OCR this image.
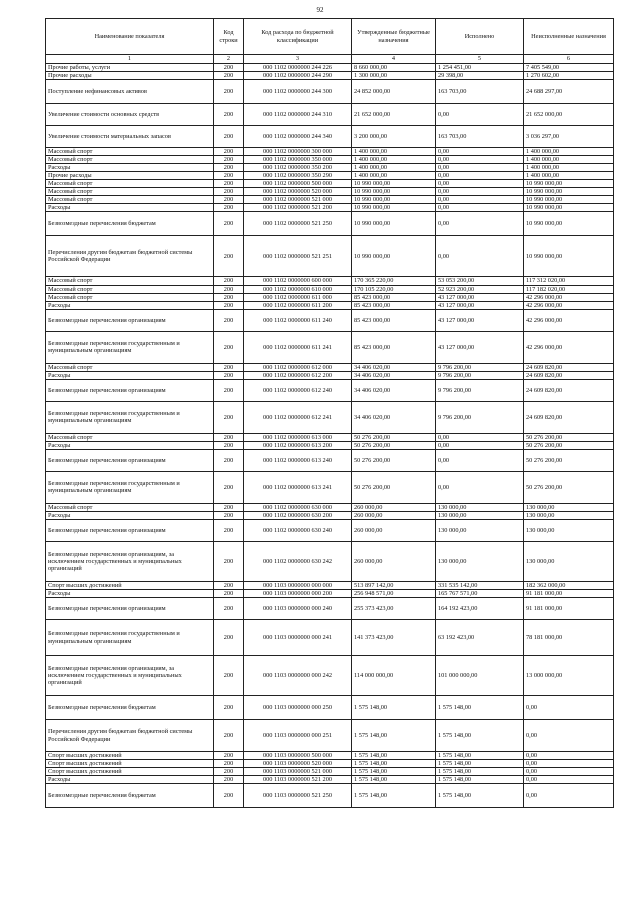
92
Наименование показателя	Код строки	Код расхода по бюджетной классификации	Утвержденные бюджетные назначения	Исполнено	Неисполненные назначения
1	2	3	4	5	6
Прочие работы, услуги	200	000 1102 0000000 244 226	8 660 000,00	1 254 451,00	7 405 549,00
Прочие расходы	200	000 1102 0000000 244 290	1 300 000,00	29 398,00	1 270 602,00
Поступление нефинансовых активов	200	000 1102 0000000 244 300	24 852 000,00	163 703,00	24 688 297,00
Увеличение стоимости основных средств	200	000 1102 0000000 244 310	21 652 000,00	0,00	21 652 000,00
Увеличение стоимости материальных запасов	200	000 1102 0000000 244 340	3 200 000,00	163 703,00	3 036 297,00
Массовый спорт	200	000 1102 0000000 300 000	1 400 000,00	0,00	1 400 000,00
Массовый спорт	200	000 1102 0000000 350 000	1 400 000,00	0,00	1 400 000,00
Расходы	200	000 1102 0000000 350 200	1 400 000,00	0,00	1 400 000,00
Прочие расходы	200	000 1102 0000000 350 290	1 400 000,00	0,00	1 400 000,00
Массовый спорт	200	000 1102 0000000 500 000	10 990 000,00	0,00	10 990 000,00
Массовый спорт	200	000 1102 0000000 520 000	10 990 000,00	0,00	10 990 000,00
Массовый спорт	200	000 1102 0000000 521 000	10 990 000,00	0,00	10 990 000,00
Расходы	200	000 1102 0000000 521 200	10 990 000,00	0,00	10 990 000,00
Безвозмездные перечисления бюджетам	200	000 1102 0000000 521 250	10 990 000,00	0,00	10 990 000,00
Перечисления другим бюджетам бюджетной системы Российской Федерации	200	000 1102 0000000 521 251	10 990 000,00	0,00	10 990 000,00
Массовый спорт	200	000 1102 0000000 600 000	170 365 220,00	53 053 200,00	117 312 020,00
Массовый спорт	200	000 1102 0000000 610 000	170 105 220,00	52 923 200,00	117 182 020,00
Массовый спорт	200	000 1102 0000000 611 000	85 423 000,00	43 127 000,00	42 296 000,00
Расходы	200	000 1102 0000000 611 200	85 423 000,00	43 127 000,00	42 296 000,00
Безвозмездные перечисления организациям	200	000 1102 0000000 611 240	85 423 000,00	43 127 000,00	42 296 000,00
Безвозмездные перечисления государственным и муниципальным организациям	200	000 1102 0000000 611 241	85 423 000,00	43 127 000,00	42 296 000,00
Массовый спорт	200	000 1102 0000000 612 000	34 406 020,00	9 796 200,00	24 609 820,00
Расходы	200	000 1102 0000000 612 200	34 406 020,00	9 796 200,00	24 609 820,00
Безвозмездные перечисления организациям	200	000 1102 0000000 612 240	34 406 020,00	9 796 200,00	24 609 820,00
Безвозмездные перечисления государственным и муниципальным организациям	200	000 1102 0000000 612 241	34 406 020,00	9 796 200,00	24 609 820,00
Массовый спорт	200	000 1102 0000000 613 000	50 276 200,00	0,00	50 276 200,00
Расходы	200	000 1102 0000000 613 200	50 276 200,00	0,00	50 276 200,00
Безвозмездные перечисления организациям	200	000 1102 0000000 613 240	50 276 200,00	0,00	50 276 200,00
Безвозмездные перечисления государственным и муниципальным организациям	200	000 1102 0000000 613 241	50 276 200,00	0,00	50 276 200,00
Массовый спорт	200	000 1102 0000000 630 000	260 000,00	130 000,00	130 000,00
Расходы	200	000 1102 0000000 630 200	260 000,00	130 000,00	130 000,00
Безвозмездные перечисления организациям	200	000 1102 0000000 630 240	260 000,00	130 000,00	130 000,00
Безвозмездные перечисления организациям, за исключением государственных и муниципальных организаций	200	000 1102 0000000 630 242	260 000,00	130 000,00	130 000,00
Спорт высших достижений	200	000 1103 0000000 000 000	513 897 142,00	331 535 142,00	182 362 000,00
Расходы	200	000 1103 0000000 000 200	256 948 571,00	165 767 571,00	91 181 000,00
Безвозмездные перечисления организациям	200	000 1103 0000000 000 240	255 373 423,00	164 192 423,00	91 181 000,00
Безвозмездные перечисления государственным и муниципальным организациям	200	000 1103 0000000 000 241	141 373 423,00	63 192 423,00	78 181 000,00
Безвозмездные перечисления организациям, за исключением государственных и муниципальных организаций	200	000 1103 0000000 000 242	114 000 000,00	101 000 000,00	13 000 000,00
Безвозмездные перечисления бюджетам	200	000 1103 0000000 000 250	1 575 148,00	1 575 148,00	0,00
Перечисления другим бюджетам бюджетной системы Российской Федерации	200	000 1103 0000000 000 251	1 575 148,00	1 575 148,00	0,00
Спорт высших достижений	200	000 1103 0000000 500 000	1 575 148,00	1 575 148,00	0,00
Спорт высших достижений	200	000 1103 0000000 520 000	1 575 148,00	1 575 148,00	0,00
Спорт высших достижений	200	000 1103 0000000 521 000	1 575 148,00	1 575 148,00	0,00
Расходы	200	000 1103 0000000 521 200	1 575 148,00	1 575 148,00	0,00
Безвозмездные перечисления бюджетам	200	000 1103 0000000 521 250	1 575 148,00	1 575 148,00	0,00
